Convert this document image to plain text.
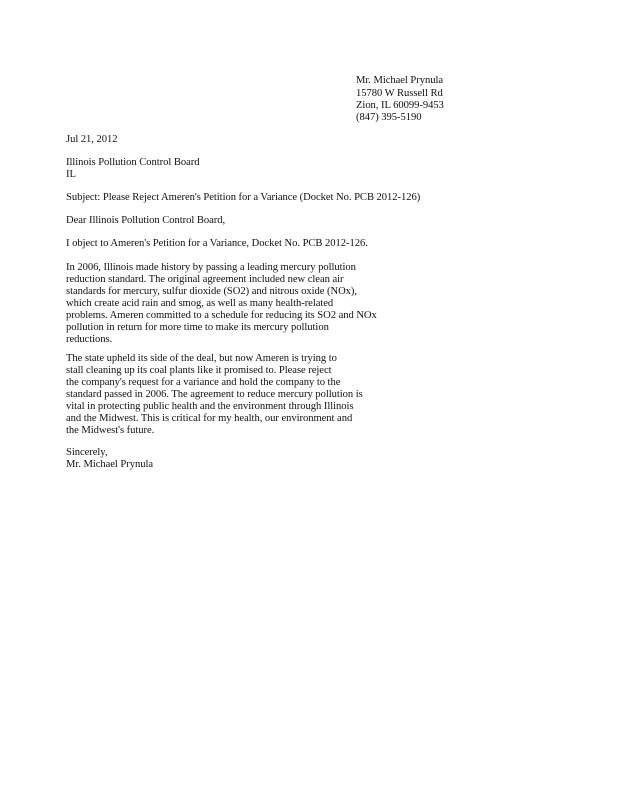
Mr. Michael Prynula
15780 W Russell Rd
Zion, IL 60099-9453
(847) 395-5190
Jul 21, 2012
Illinois Pollution Control Board
IL
Subject: Please Reject Ameren's Petition for a Variance (Docket No. PCB 2012-126)
Dear Illinois Pollution Control Board,
I object to Ameren's Petition for a Variance, Docket No. PCB 2012-126.
In 2006, Illinois made history by passing a leading mercury pollution
reduction standard. The original agreement included new clean air
standards for mercury, sulfur dioxide (SO2) and nitrous oxide (NOx),
which create acid rain and smog, as well as many health-related
problems. Ameren committed to a schedule for reducing its SO2 and NOx
pollution in return for more time to make its mercury pollution
reductions.
The state upheld its side of the deal, but now Ameren is trying to
stall cleaning up its coal plants like it promised to. Please reject
the company's request for a variance and hold the company to the
standard passed in 2006. The agreement to reduce mercury pollution is
vital in protecting public health and the environment through Illinois
and the Midwest. This is critical for my health, our environment and
the Midwest's future.
Sincerely,
Mr. Michael Prynula
